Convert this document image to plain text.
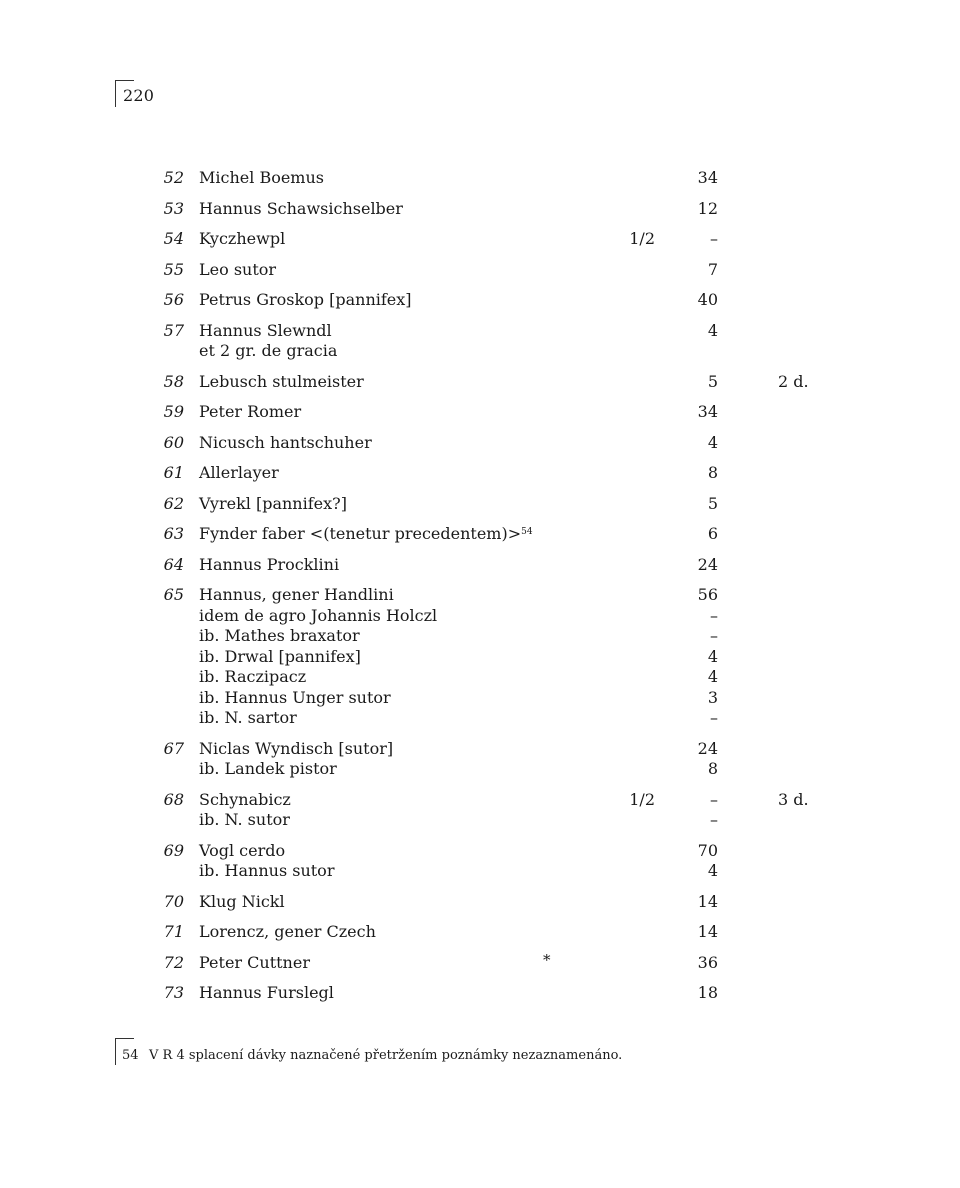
220
52 Michel Boemus	34
53 Hannus Schawsichselber	12
54 Kyczhewpl	1/2	–
55 Leo sutor	7
56 Petrus Groskop [pannifex]	40
57 Hannus Slewndl	4
et 2 gr. de gracia
58 Lebusch stulmeister	5	2 d.
59 Peter Romer	34
60 Nicusch hantschuher	4
61 Allerlayer	8
62 Vyrekl [pannifex?]	5
63 Fynder faber <(tenetur precedentem)>$^{54}$	6
64 Hannus Procklini	24
65 Hannus, gener Handlini	56
idem de agro Johannis Holczl	–
ib. Mathes braxator	–
ib. Drwal [pannifex]	4
ib. Raczipacz	4
ib. Hannus Unger sutor	3
ib. N. sartor	–
67 Niclas Wyndisch [sutor]	24
ib. Landek pistor	8
68 Schynabicz	1/2	–	3 d.
ib. N. sutor	–
69 Vogl cerdo	70
ib. Hannus sutor	4
70 Klug Nickl	14
71 Lorencz, gener Czech	14
72 Peter Cuttner	*	36
73 Hannus Furslegl	18
54 V R 4 splacení dávky naznačené přetržením poznámky nezaznamenáno.
